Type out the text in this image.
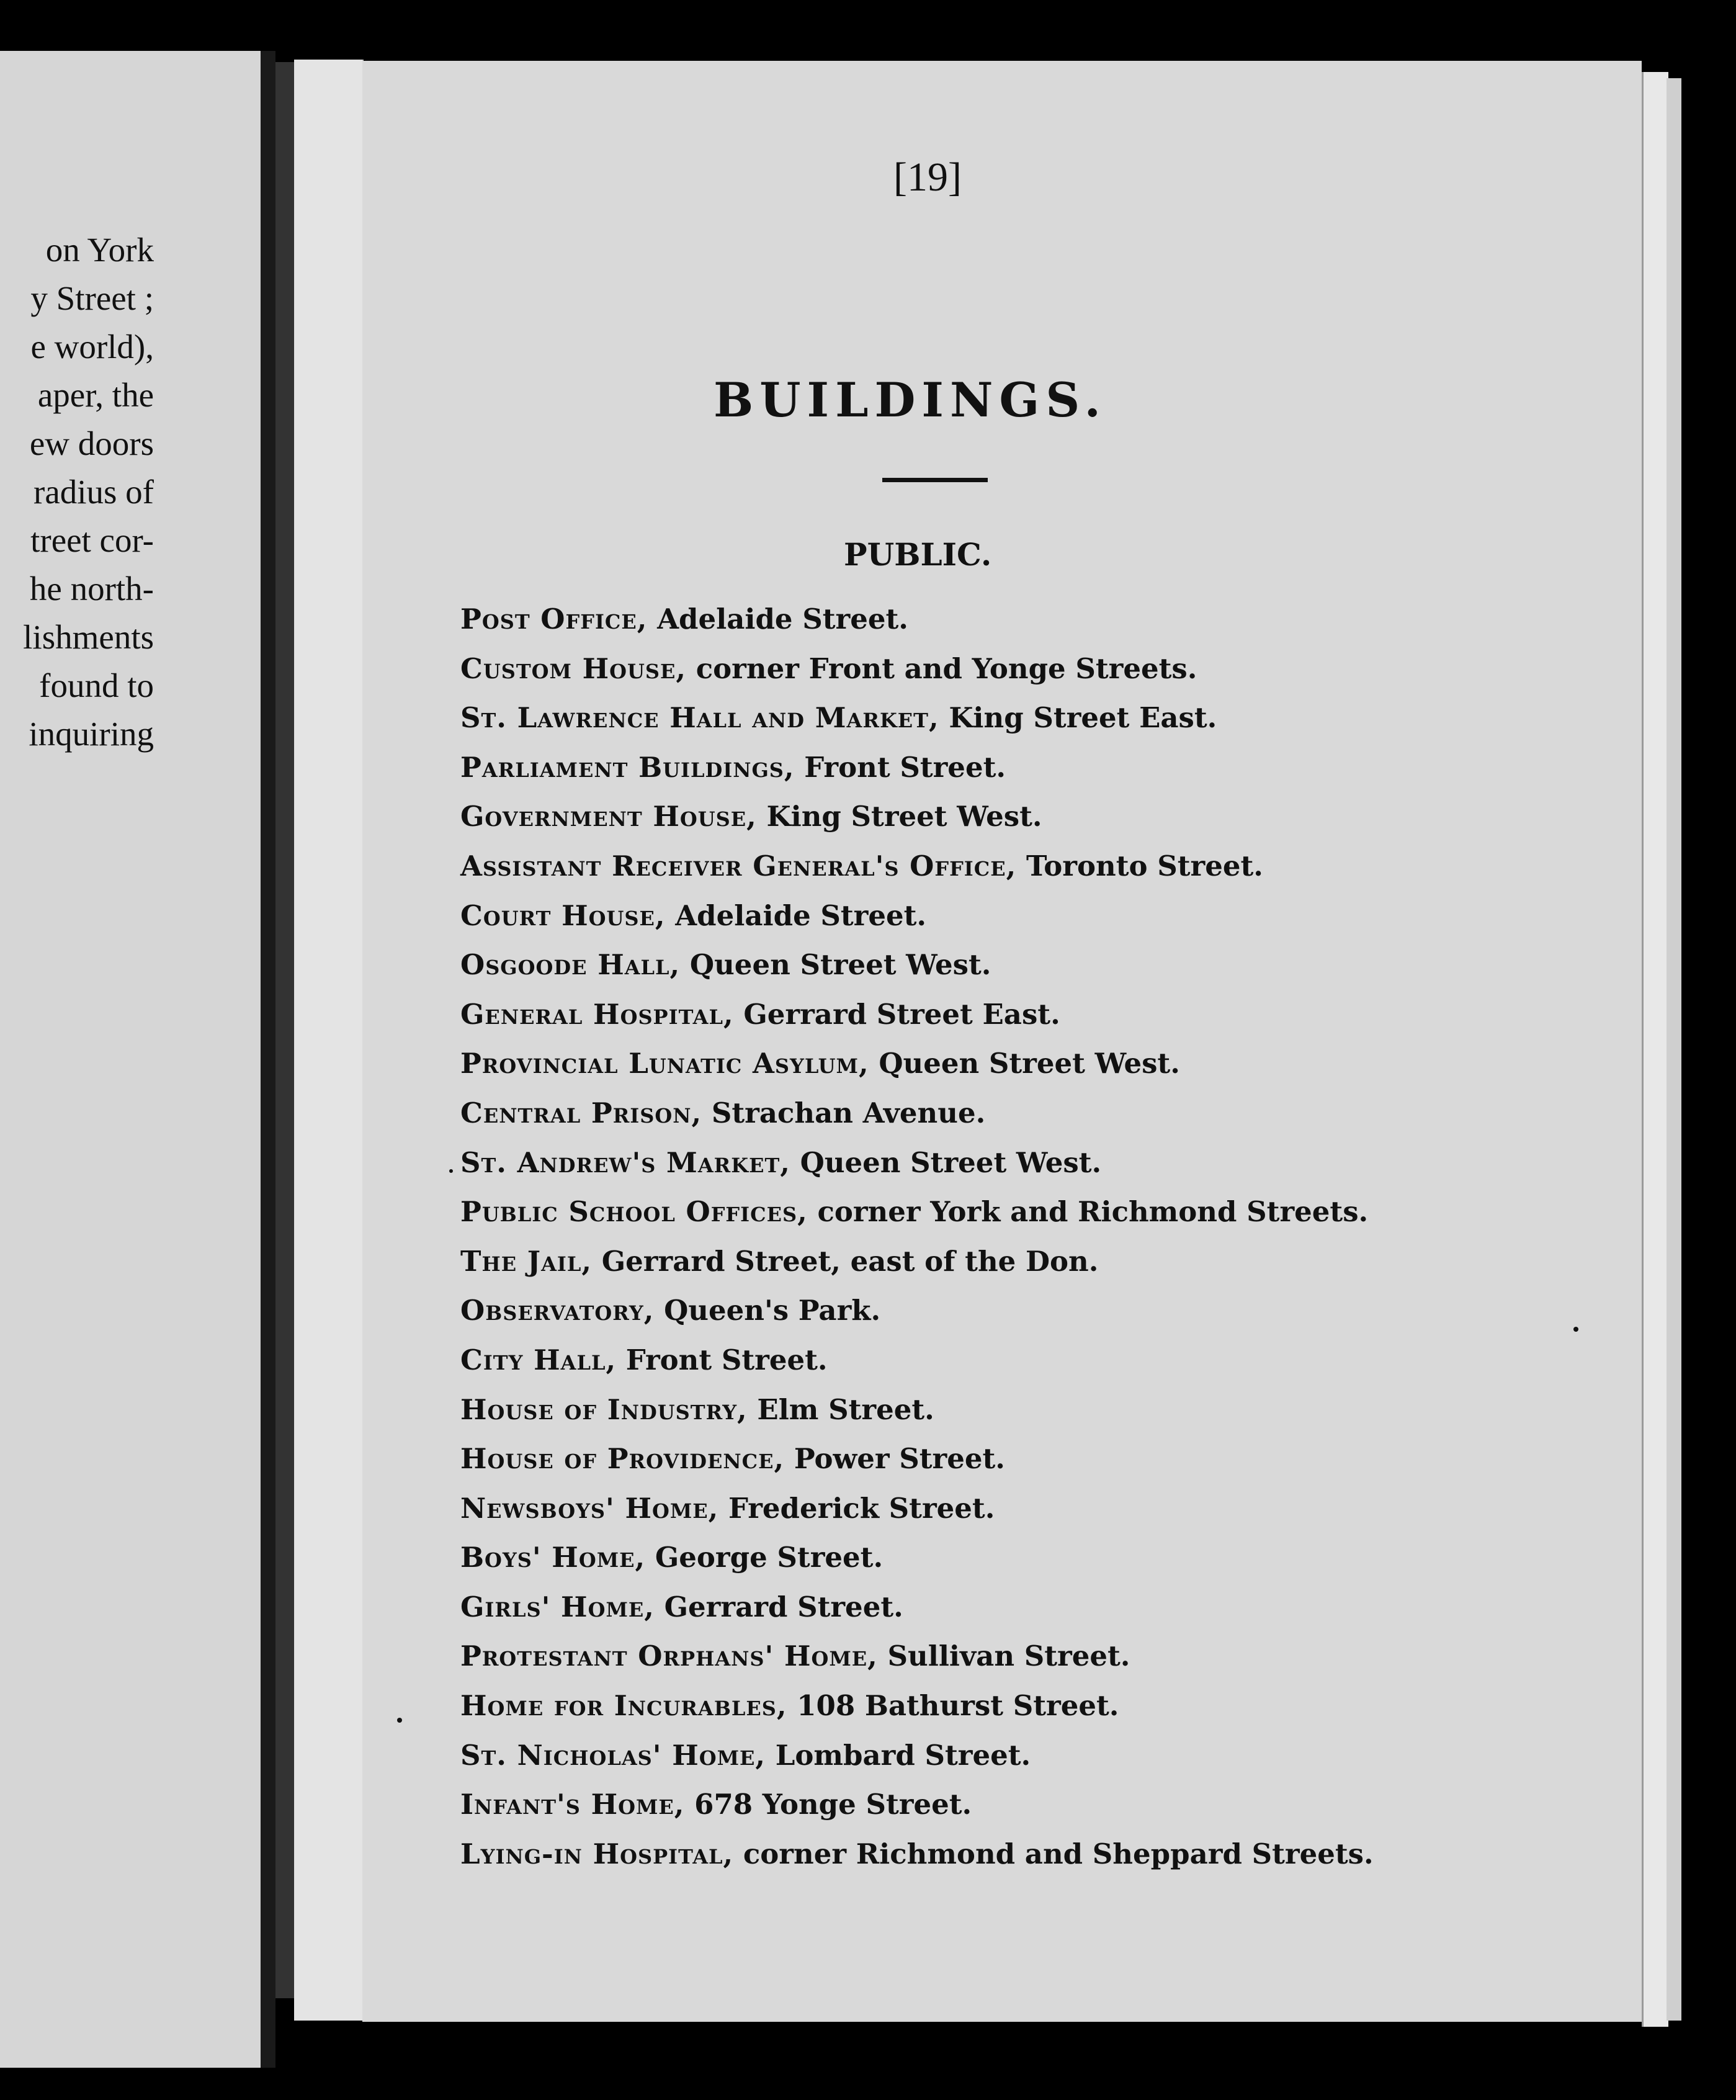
on York
y Street ;
e world),
aper, the
ew doors
radius of
treet cor-
he north-
lishments
found to
inquiring
[19]
BUILDINGS.
PUBLIC.
Post Office, Adelaide Street.
Custom House, corner Front and Yonge Streets.
St. Lawrence Hall and Market, King Street East.
Parliament Buildings, Front Street.
Government House, King Street West.
Assistant Receiver General's Office, Toronto Street.
Court House, Adelaide Street.
Osgoode Hall, Queen Street West.
General Hospital, Gerrard Street East.
Provincial Lunatic Asylum, Queen Street West.
Central Prison, Strachan Avenue.
St. Andrew's Market, Queen Street West.
Public School Offices, corner York and Richmond Streets.
The Jail, Gerrard Street, east of the Don.
Observatory, Queen's Park.
City Hall, Front Street.
House of Industry, Elm Street.
House of Providence, Power Street.
Newsboys' Home, Frederick Street.
Boys' Home, George Street.
Girls' Home, Gerrard Street.
Protestant Orphans' Home, Sullivan Street.
Home for Incurables, 108 Bathurst Street.
St. Nicholas' Home, Lombard Street.
Infant's Home, 678 Yonge Street.
Lying-in Hospital, corner Richmond and Sheppard Streets.
